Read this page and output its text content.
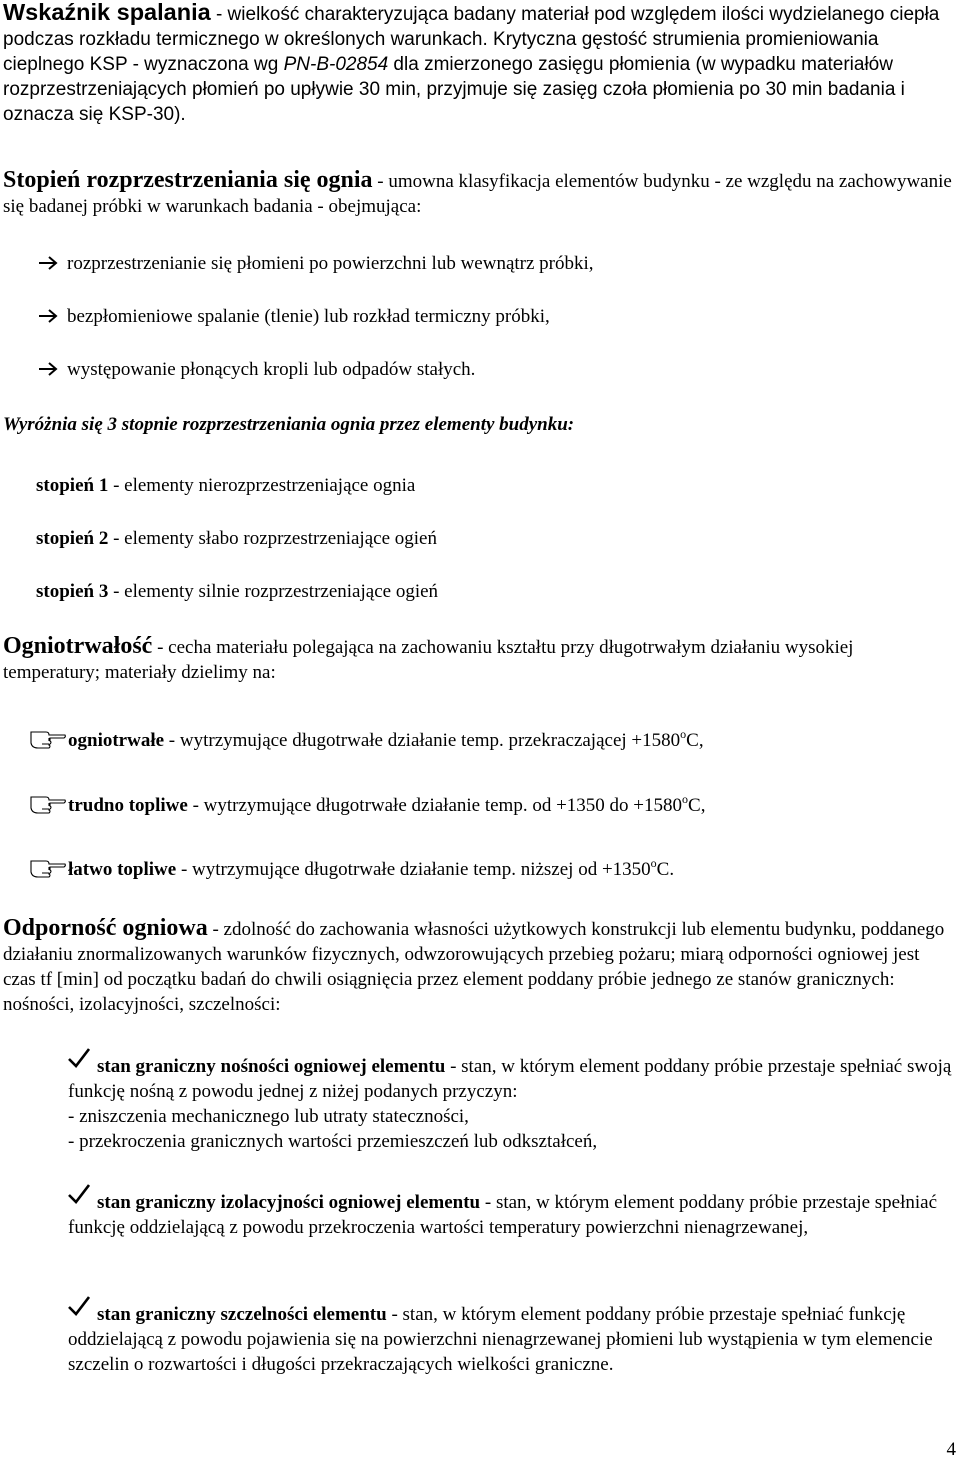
Wskaźnik spalania - wielkość charakteryzująca badany materiał pod względem ilości wydzielanego ciepła podczas rozkładu termicznego w określonych warunkach. Krytyczna gęstość strumienia promieniowania cieplnego KSP - wyznaczona wg PN-B-02854 dla zmierzonego zasięgu płomienia (w wypadku materiałów rozprzestrzeniających płomień po upływie 30 min, przyjmuje się zasięg czoła płomienia po 30 min badania i oznacza się KSP-30).
Stopień rozprzestrzeniania się ognia - umowna klasyfikacja elementów budynku - ze względu na zachowywanie się badanej próbki w warunkach badania - obejmująca:
rozprzestrzenianie się płomieni po powierzchni lub wewnątrz próbki,
bezpłomieniowe spalanie (tlenie) lub rozkład termiczny próbki,
występowanie płonących kropli lub odpadów stałych.
Wyróżnia się 3 stopnie rozprzestrzeniania ognia przez elementy budynku:
stopień 1 - elementy nierozprzestrzeniające ognia
stopień 2 - elementy słabo rozprzestrzeniające ogień
stopień 3 - elementy silnie rozprzestrzeniające ogień
Ogniotrwałość - cecha materiału polegająca na zachowaniu kształtu przy długotrwałym działaniu wysokiej temperatury; materiały dzielimy na:
ogniotrwałe - wytrzymujące długotrwałe działanie temp. przekraczającej $+1580^oC$,
trudno topliwe - wytrzymujące długotrwałe działanie temp. od +1350 do $+1580^oC$,
łatwo topliwe - wytrzymujące długotrwałe działanie temp. niższej od $+1350^oC$.
Odporność ogniowa - zdolność do zachowania własności użytkowych konstrukcji lub elementu budynku, poddanego działaniu znormalizowanych warunków fizycznych, odwzorowujących przebieg pożaru; miarą odporności ogniowej jest czas tf [min] od początku badań do chwili osiągnięcia przez element poddany próbie jednego ze stanów granicznych: nośności, izolacyjności, szczelności:
stan graniczny nośności ogniowej elementu - stan, w którym element poddany próbie przestaje spełniać swoją funkcję nośną z powodu jednej z niżej podanych przyczyn:
- zniszczenia mechanicznego lub utraty stateczności,
- przekroczenia granicznych wartości przemieszczeń lub odkształceń,
stan graniczny izolacyjności ogniowej elementu - stan, w którym element poddany próbie przestaje spełniać funkcję oddzielającą z powodu przekroczenia wartości temperatury powierzchni nienagrzewanej,
stan graniczny szczelności elementu - stan, w którym element poddany próbie przestaje spełniać funkcję oddzielającą z powodu pojawienia się na powierzchni nienagrzewanej płomieni lub wystąpienia w tym elemencie szczelin o rozwartości i długości przekraczających wielkości graniczne.
4
